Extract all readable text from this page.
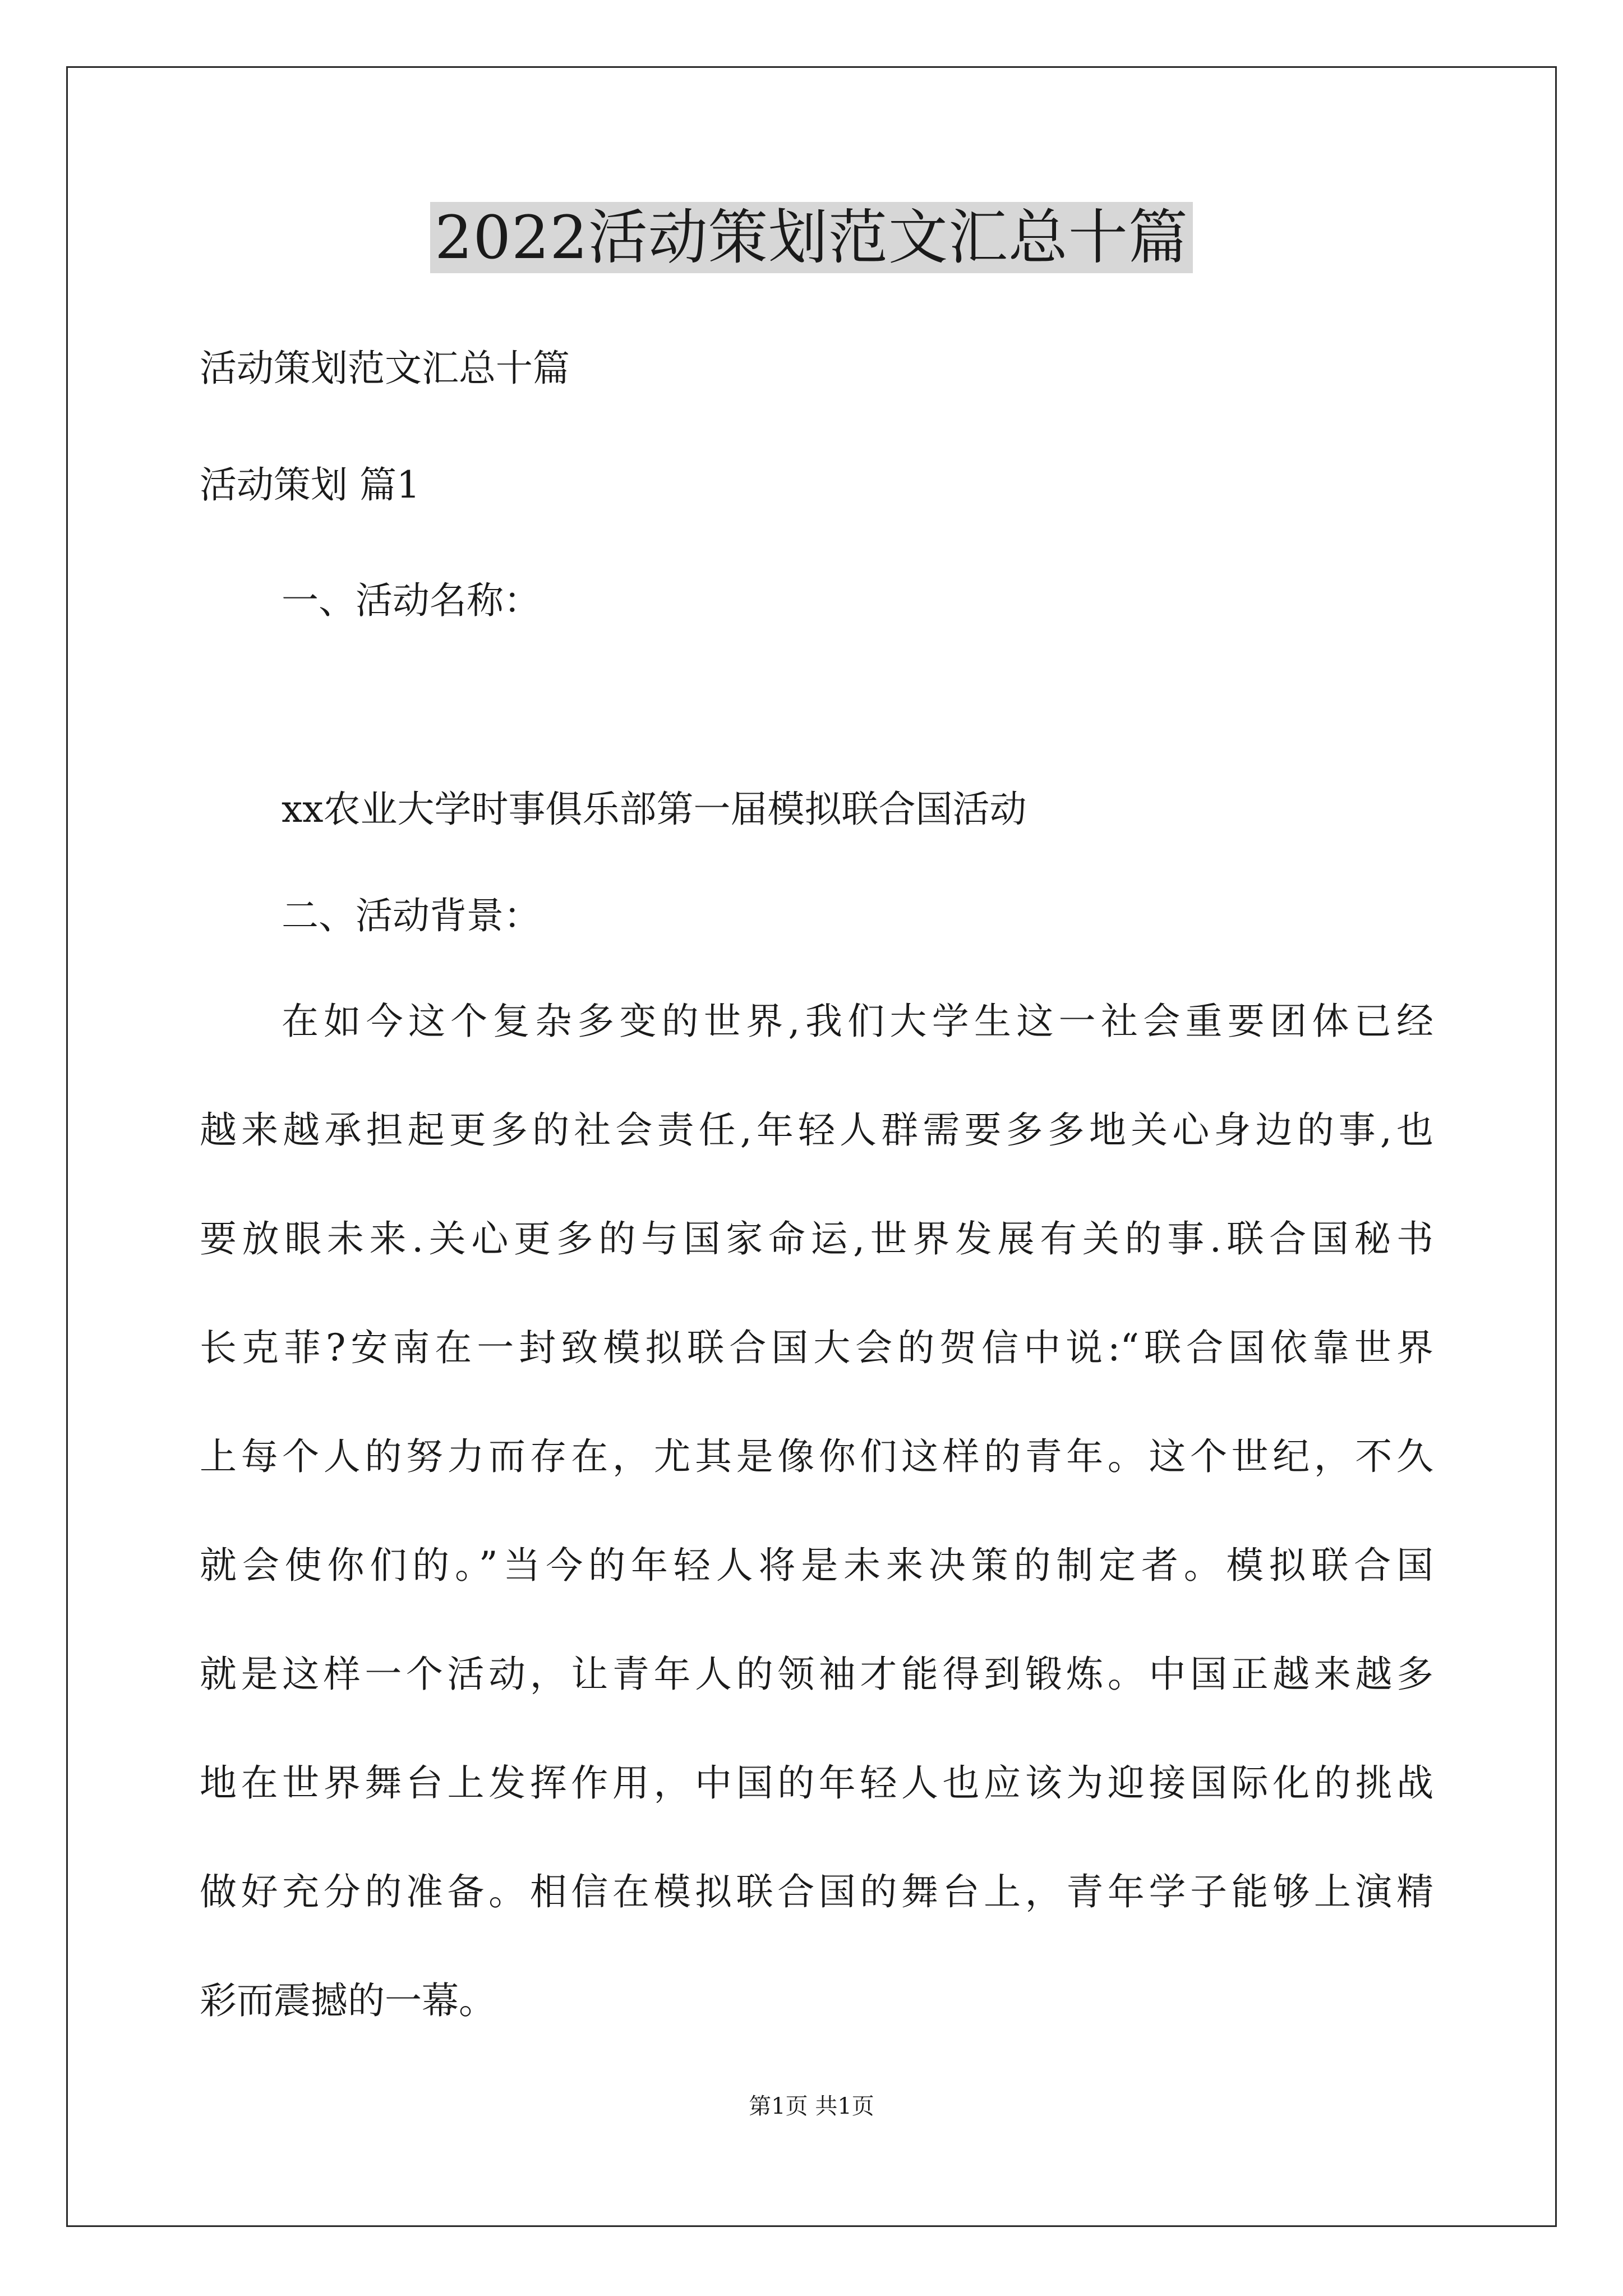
2022活动策划范文汇总十篇
活动策划范文汇总十篇
活动策划 篇1
一、活动名称：
xx农业大学时事俱乐部第一届模拟联合国活动
二、活动背景：
在如今这个复杂多变的世界,我们大学生这一社会重要团体已经
越来越承担起更多的社会责任,年轻人群需要多多地关心身边的事,也
要放眼未来.关心更多的与国家命运,世界发展有关的事.联合国秘书
长克菲?安南在一封致模拟联合国大会的贺信中说:“联合国依靠世界
上每个人的努力而存在，尤其是像你们这样的青年。这个世纪，不久
就会使你们的。”当今的年轻人将是未来决策的制定者。模拟联合国
就是这样一个活动，让青年人的领袖才能得到锻炼。中国正越来越多
地在世界舞台上发挥作用，中国的年轻人也应该为迎接国际化的挑战
做好充分的准备。相信在模拟联合国的舞台上，青年学子能够上演精
彩而震撼的一幕。
第1页 共1页
